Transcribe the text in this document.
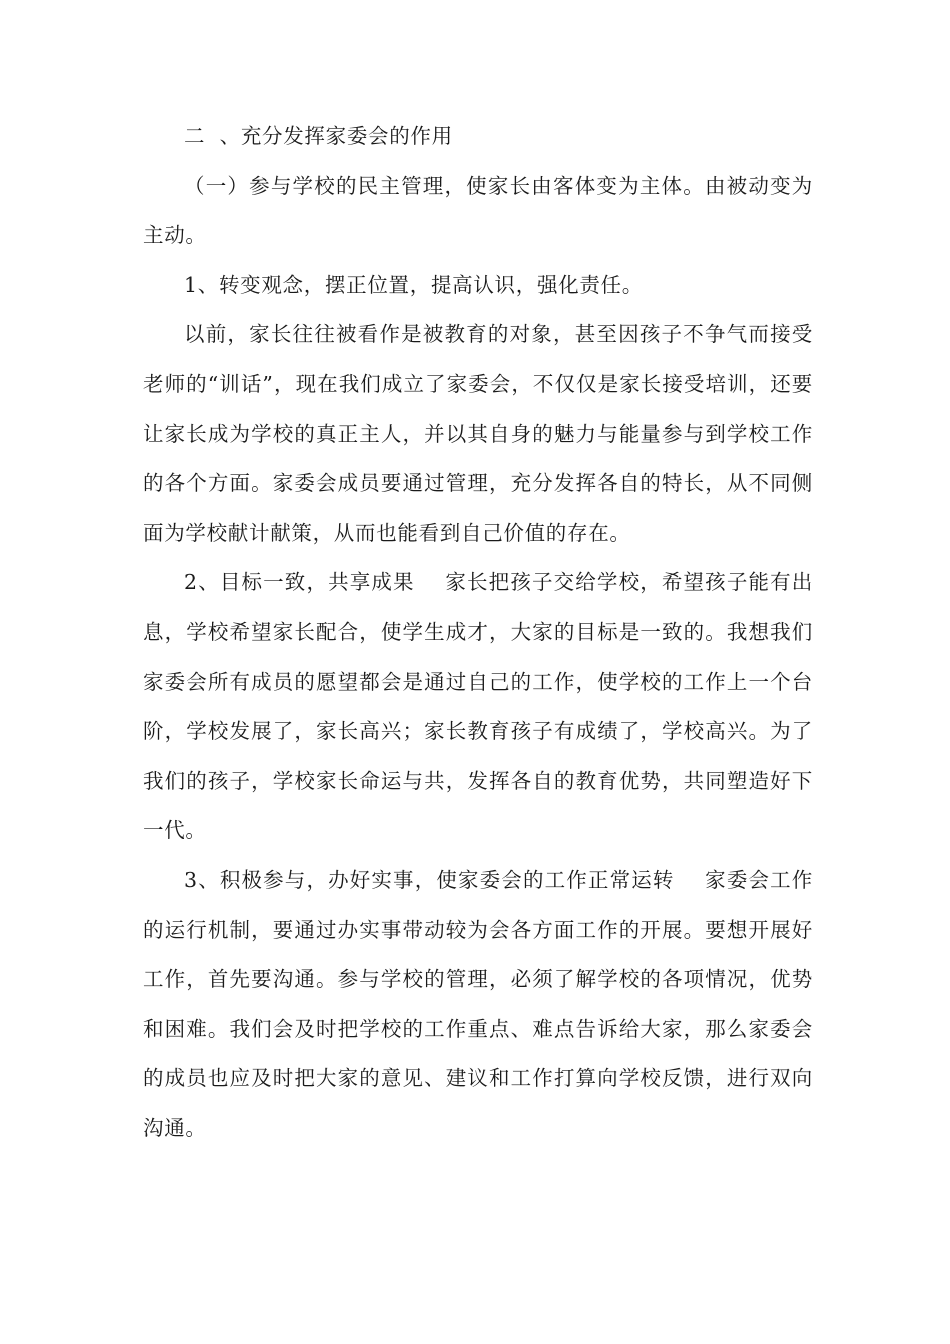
二  、充分发挥家委会的作用

（一）参与学校的民主管理，使家长由客体变为主体。由被动变为主动。

1、转变观念，摆正位置，提高认识，强化责任。

以前，家长往往被看作是被教育的对象，甚至因孩子不争气而接受老师的“训话”，现在我们成立了家委会，不仅仅是家长接受培训，还要让家长成为学校的真正主人，并以其自身的魅力与能量参与到学校工作的各个方面。家委会成员要通过管理，充分发挥各自的特长，从不同侧面为学校献计献策，从而也能看到自己价值的存在。

2、目标一致，共享成果    家长把孩子交给学校，希望孩子能有出息，学校希望家长配合，使学生成才，大家的目标是一致的。我想我们家委会所有成员的愿望都会是通过自己的工作，使学校的工作上一个台阶，学校发展了，家长高兴；家长教育孩子有成绩了，学校高兴。为了我们的孩子，学校家长命运与共，发挥各自的教育优势，共同塑造好下一代。

3、积极参与，办好实事，使家委会的工作正常运转    家委会工作的运行机制，要通过办实事带动较为会各方面工作的开展。要想开展好工作，首先要沟通。参与学校的管理，必须了解学校的各项情况，优势和困难。我们会及时把学校的工作重点、难点告诉给大家，那么家委会的成员也应及时把大家的意见、建议和工作打算向学校反馈，进行双向沟通。
